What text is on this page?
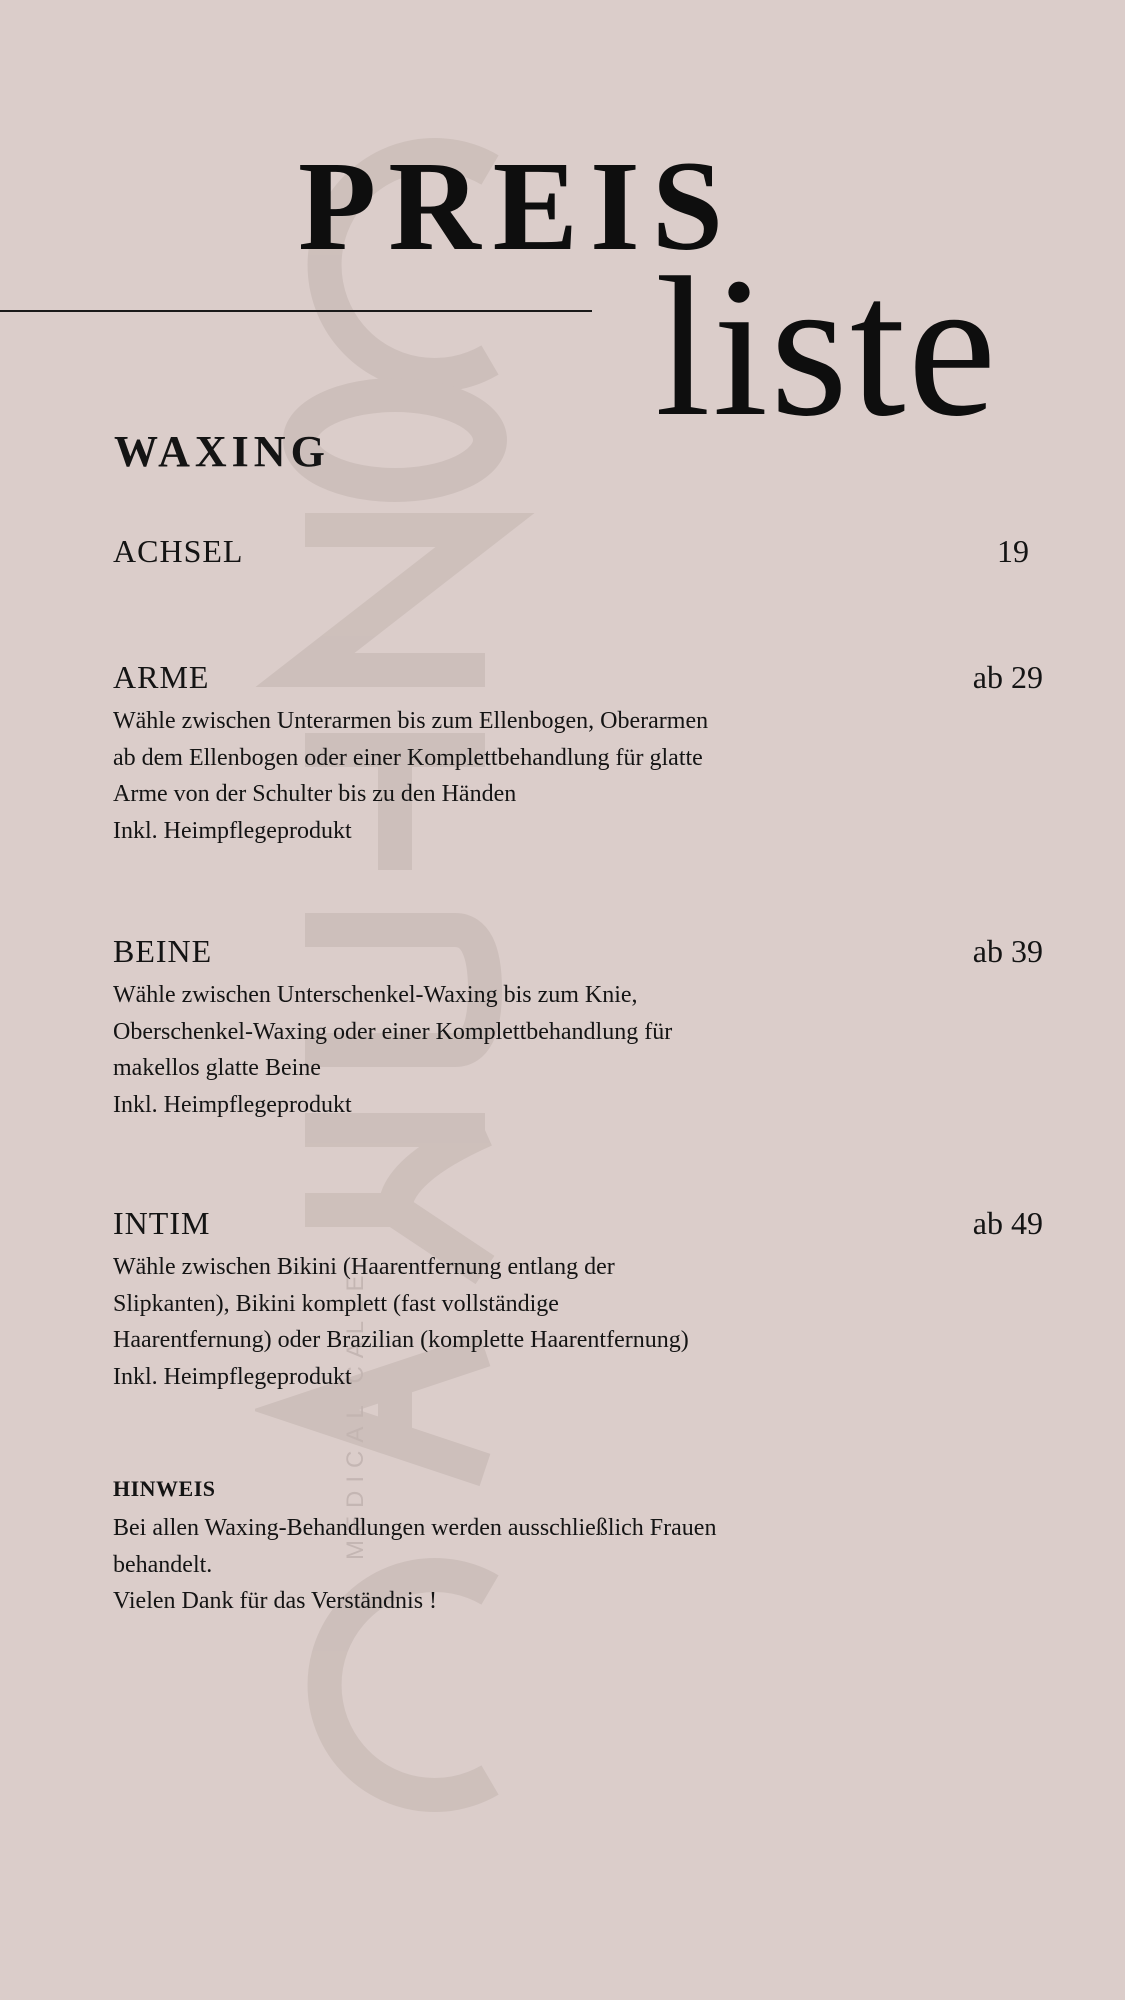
MEDICAL CALLE
PREIS
liste
WAXING
ACHSEL	19
ARME	ab 29
Wähle zwischen Unterarmen bis zum Ellenbogen, Oberarmen
ab dem Ellenbogen oder einer Komplettbehandlung für glatte
Arme von der Schulter bis zu den Händen
Inkl. Heimpflegeprodukt
BEINE	ab 39
Wähle zwischen Unterschenkel-Waxing bis zum Knie,
Oberschenkel-Waxing oder einer Komplettbehandlung für
makellos glatte Beine
Inkl. Heimpflegeprodukt
INTIM	ab 49
Wähle zwischen Bikini (Haarentfernung entlang der
Slipkanten), Bikini komplett (fast vollständige
Haarentfernung) oder Brazilian (komplette Haarentfernung)
Inkl. Heimpflegeprodukt
HINWEIS
Bei allen Waxing-Behandlungen werden ausschließlich Frauen
behandelt.
Vielen Dank für das Verständnis !
